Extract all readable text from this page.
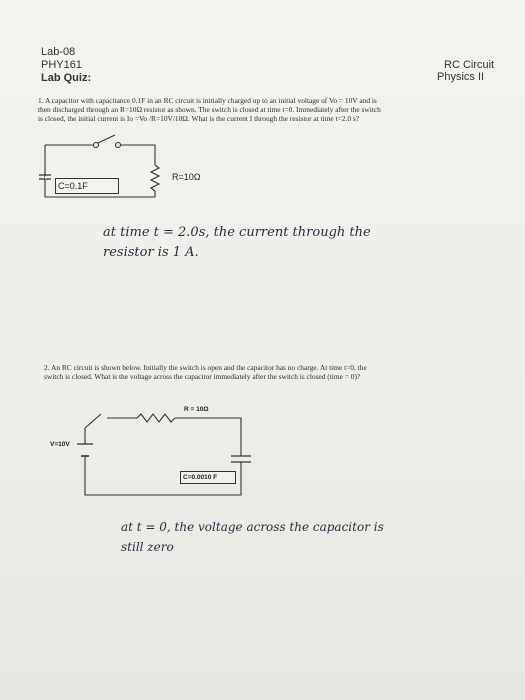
Lab-08
PHY161
Lab Quiz:
RC Circuit
Physics II
1. A capacitor with capacitance 0.1F in an RC circuit is initially charged up to an initial voltage of Vo = 10V and is
then discharged through an R=10Ω resistor as shown. The switch is closed at time t=0. Immediately after the switch
is closed, the initial current is Io =Vo /R=10V/10Ω. What is the current I through the resistor at time t=2.0 s?
R=10Ω
C=0.1F
at time t = 2.0s, the current through the
resistor is 1 A.
2. An RC circuit is shown below. Initially the switch is open and the capacitor has no charge. At time t=0, the
switch is closed. What is the voltage across the capacitor immediately after the switch is closed (time = 0)?
R = 10Ω
V=10V
C=0.0010 F
at t = 0, the voltage across the capacitor is
still zero
